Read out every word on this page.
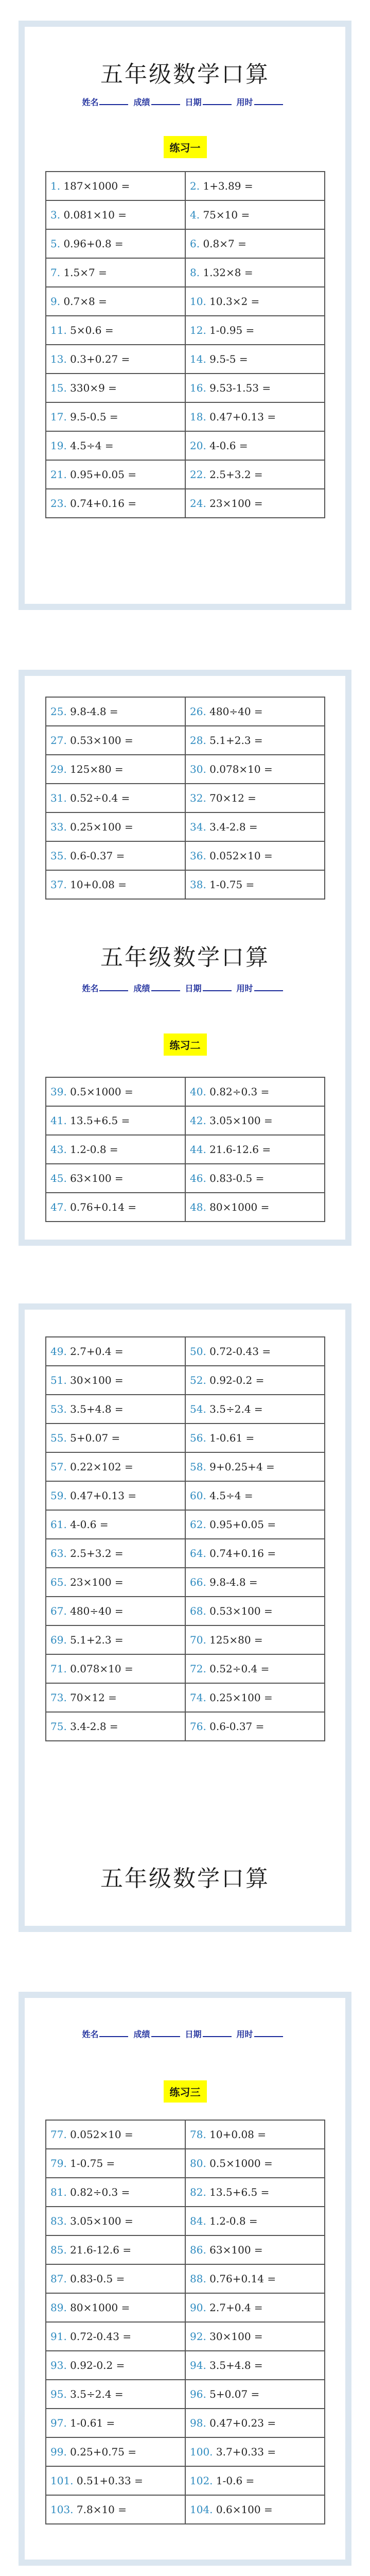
五年级数学口算
姓名	成绩	日期	用时
练习一
1. 187×1000 =	2. 1+3.89 =
3. 0.081×10 =	4. 75×10 =
5. 0.96+0.8 =	6. 0.8×7 =
7. 1.5×7 =	8. 1.32×8 =
9. 0.7×8 =	10. 10.3×2 =
11. 5×0.6 =	12. 1-0.95 =
13. 0.3+0.27 =	14. 9.5-5 =
15. 330×9 =	16. 9.53-1.53 =
17. 9.5-0.5 =	18. 0.47+0.13 =
19. 4.5÷4 =	20. 4-0.6 =
21. 0.95+0.05 =	22. 2.5+3.2 =
23. 0.74+0.16 =	24. 23×100 =
25. 9.8-4.8 =	26. 480÷40 =
27. 0.53×100 =	28. 5.1+2.3 =
29. 125×80 =	30. 0.078×10 =
31. 0.52÷0.4 =	32. 70×12 =
33. 0.25×100 =	34. 3.4-2.8 =
35. 0.6-0.37 =	36. 0.052×10 =
37. 10+0.08 =	38. 1-0.75 =
五年级数学口算
姓名	成绩	日期	用时
练习二
39. 0.5×1000 =	40. 0.82÷0.3 =
41. 13.5+6.5 =	42. 3.05×100 =
43. 1.2-0.8 =	44. 21.6-12.6 =
45. 63×100 =	46. 0.83-0.5 =
47. 0.76+0.14 =	48. 80×1000 =
49. 2.7+0.4 =	50. 0.72-0.43 =
51. 30×100 =	52. 0.92-0.2 =
53. 3.5+4.8 =	54. 3.5÷2.4 =
55. 5+0.07 =	56. 1-0.61 =
57. 0.22×102 =	58. 9+0.25+4 =
59. 0.47+0.13 =	60. 4.5÷4 =
61. 4-0.6 =	62. 0.95+0.05 =
63. 2.5+3.2 =	64. 0.74+0.16 =
65. 23×100 =	66. 9.8-4.8 =
67. 480÷40 =	68. 0.53×100 =
69. 5.1+2.3 =	70. 125×80 =
71. 0.078×10 =	72. 0.52÷0.4 =
73. 70×12 =	74. 0.25×100 =
75. 3.4-2.8 =	76. 0.6-0.37 =
五年级数学口算
姓名	成绩	日期	用时
练习三
77. 0.052×10 =	78. 10+0.08 =
79. 1-0.75 =	80. 0.5×1000 =
81. 0.82÷0.3 =	82. 13.5+6.5 =
83. 3.05×100 =	84. 1.2-0.8 =
85. 21.6-12.6 =	86. 63×100 =
87. 0.83-0.5 =	88. 0.76+0.14 =
89. 80×1000 =	90. 2.7+0.4 =
91. 0.72-0.43 =	92. 30×100 =
93. 0.92-0.2 =	94. 3.5+4.8 =
95. 3.5÷2.4 =	96. 5+0.07 =
97. 1-0.61 =	98. 0.47+0.23 =
99. 0.25+0.75 =	100. 3.7+0.33 =
101. 0.51+0.33 =	102. 1-0.6 =
103. 7.8×10 =	104. 0.6×100 =
